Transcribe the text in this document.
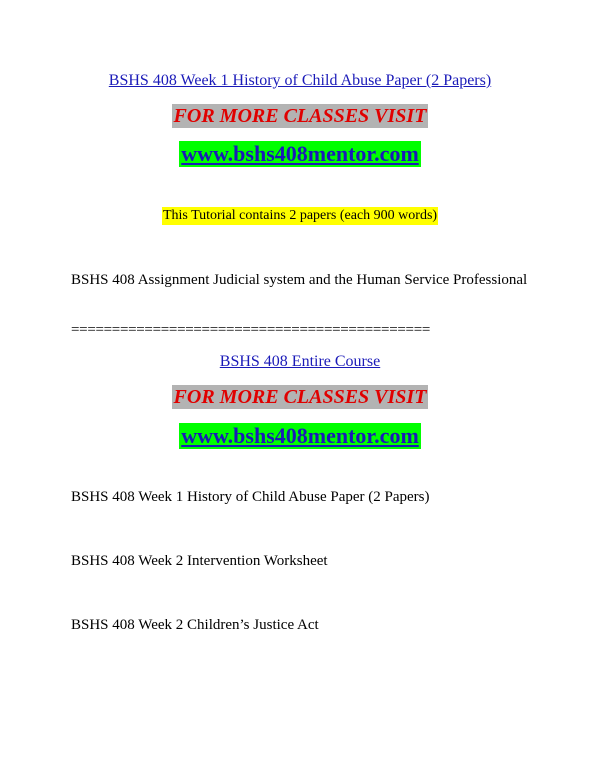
BSHS 408 Week 1 History of Child Abuse Paper (2 Papers)
FOR MORE CLASSES VISIT
www.bshs408mentor.com
This Tutorial contains 2 papers (each 900 words)
BSHS 408 Assignment Judicial system and the Human Service Professional
============================================
BSHS 408 Entire Course
FOR MORE CLASSES VISIT
www.bshs408mentor.com
BSHS 408 Week 1 History of Child Abuse Paper (2 Papers)
BSHS 408 Week 2 Intervention Worksheet
BSHS 408 Week 2 Children’s Justice Act
